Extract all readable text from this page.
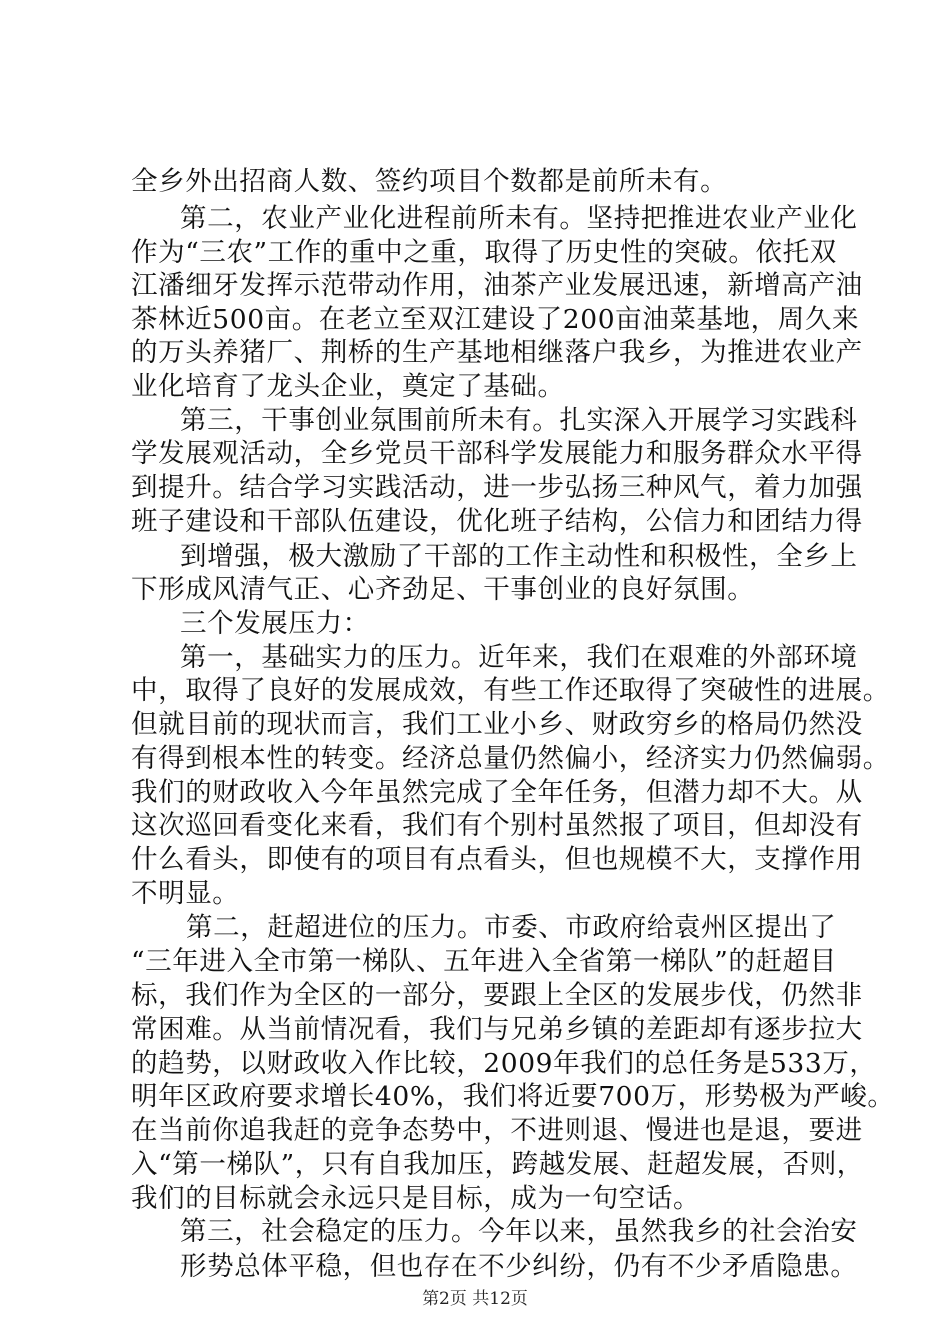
全乡外出招商人数、签约项目个数都是前所未有。
第二，农业产业化进程前所未有。坚持把推进农业产业化
作为“三农”工作的重中之重，取得了历史性的突破。依托双
江潘细牙发挥示范带动作用，油茶产业发展迅速，新增高产油
茶林近500亩。在老立至双江建设了200亩油菜基地，周久来
的万头养猪厂、荆桥的生产基地相继落户我乡，为推进农业产
业化培育了龙头企业，奠定了基础。
第三，干事创业氛围前所未有。扎实深入开展学习实践科
学发展观活动，全乡党员干部科学发展能力和服务群众水平得
到提升。结合学习实践活动，进一步弘扬三种风气，着力加强
班子建设和干部队伍建设，优化班子结构，公信力和团结力得
到增强，极大激励了干部的工作主动性和积极性，全乡上
下形成风清气正、心齐劲足、干事创业的良好氛围。
三个发展压力：
第一，基础实力的压力。近年来，我们在艰难的外部环境
中，取得了良好的发展成效，有些工作还取得了突破性的进展。
但就目前的现状而言，我们工业小乡、财政穷乡的格局仍然没
有得到根本性的转变。经济总量仍然偏小，经济实力仍然偏弱。
我们的财政收入今年虽然完成了全年任务，但潜力却不大。从
这次巡回看变化来看，我们有个别村虽然报了项目，但却没有
什么看头，即使有的项目有点看头，但也规模不大，支撑作用
不明显。
第二，赶超进位的压力。市委、市政府给袁州区提出了
“三年进入全市第一梯队、五年进入全省第一梯队”的赶超目
标，我们作为全区的一部分，要跟上全区的发展步伐，仍然非
常困难。从当前情况看，我们与兄弟乡镇的差距却有逐步拉大
的趋势，以财政收入作比较，2009年我们的总任务是533万，
明年区政府要求增长40%，我们将近要700万，形势极为严峻。
在当前你追我赶的竞争态势中，不进则退、慢进也是退，要进
入“第一梯队”，只有自我加压，跨越发展、赶超发展，否则，
我们的目标就会永远只是目标，成为一句空话。
第三，社会稳定的压力。今年以来，虽然我乡的社会治安
形势总体平稳，但也存在不少纠纷，仍有不少矛盾隐患。
第2页 共12页
